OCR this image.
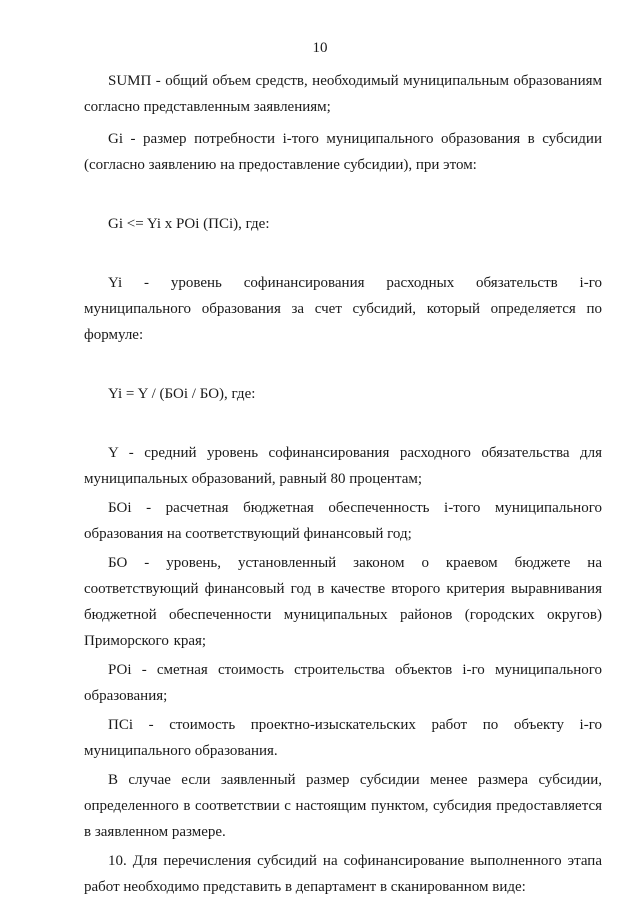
10

SUMП - общий объем средств, необходимый муниципальным образованиям согласно представленным заявлениям;

Gi - размер потребности i-того муниципального образования в субсидии (согласно заявлению на предоставление субсидии), при этом:

Gi <= Yi x POi (ПСi), где:

Yi - уровень софинансирования расходных обязательств i-го муниципального образования за счет субсидий, который определяется по формуле:

Yi = Y / (БОi / БО), где:

Y - средний уровень софинансирования расходного обязательства для муниципальных образований, равный 80 процентам;

БОi - расчетная бюджетная обеспеченность i-того муниципального образования на соответствующий финансовый год;

БО - уровень, установленный законом о краевом бюджете на соответствующий финансовый год в качестве второго критерия выравнивания бюджетной обеспеченности муниципальных районов (городских округов) Приморского края;

РОi - сметная стоимость строительства объектов i-го муниципального образования;

ПСi - стоимость проектно-изыскательских работ по объекту i-го муниципального образования.

В случае если заявленный размер субсидии менее размера субсидии, определенного в соответствии с настоящим пунктом, субсидия предоставляется в заявленном размере.

10. Для перечисления субсидий на софинансирование выполненного этапа работ необходимо представить в департамент в сканированном виде:
